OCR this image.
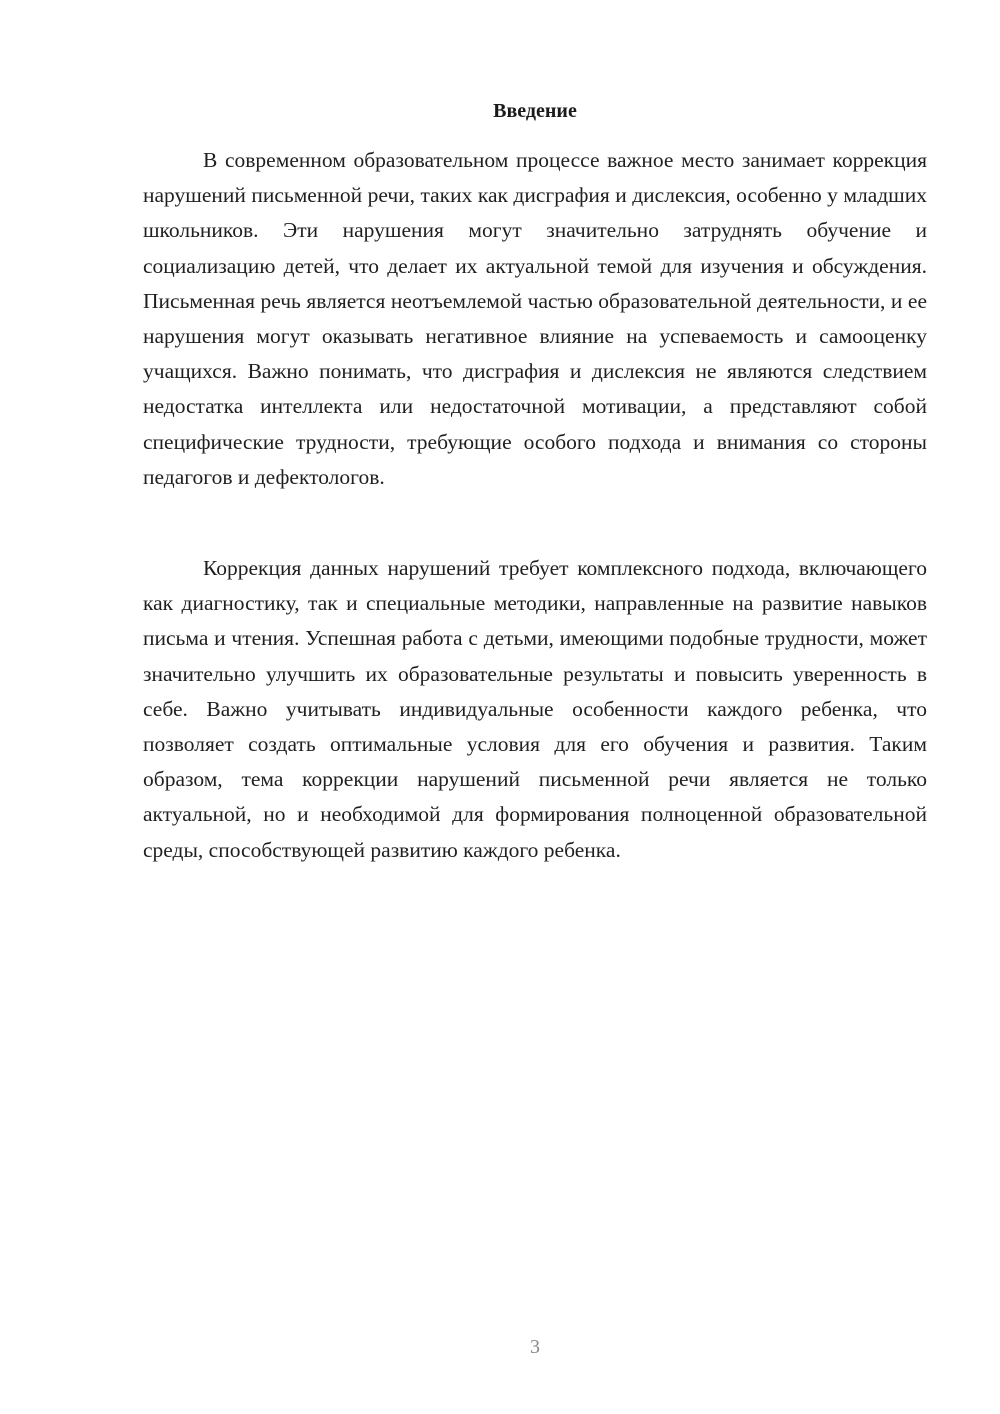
Введение

В современном образовательном процессе важное место занимает коррекция нарушений письменной речи, таких как дисграфия и дислексия, особенно у младших школьников. Эти нарушения могут значительно затруднять обучение и социализацию детей, что делает их актуальной темой для изучения и обсуждения. Письменная речь является неотъемлемой частью образовательной деятельности, и ее нарушения могут оказывать негативное влияние на успеваемость и самооценку учащихся. Важно понимать, что дисграфия и дислексия не являются следствием недостатка интеллекта или недостаточной мотивации, а представляют собой специфические трудности, требующие особого подхода и внимания со стороны педагогов и дефектологов.

Коррекция данных нарушений требует комплексного подхода, включающего как диагностику, так и специальные методики, направленные на развитие навыков письма и чтения. Успешная работа с детьми, имеющими подобные трудности, может значительно улучшить их образовательные результаты и повысить уверенность в себе. Важно учитывать индивидуальные особенности каждого ребенка, что позволяет создать оптимальные условия для его обучения и развития. Таким образом, тема коррекции нарушений письменной речи является не только актуальной, но и необходимой для формирования полноценной образовательной среды, способствующей развитию каждого ребенка.

3
